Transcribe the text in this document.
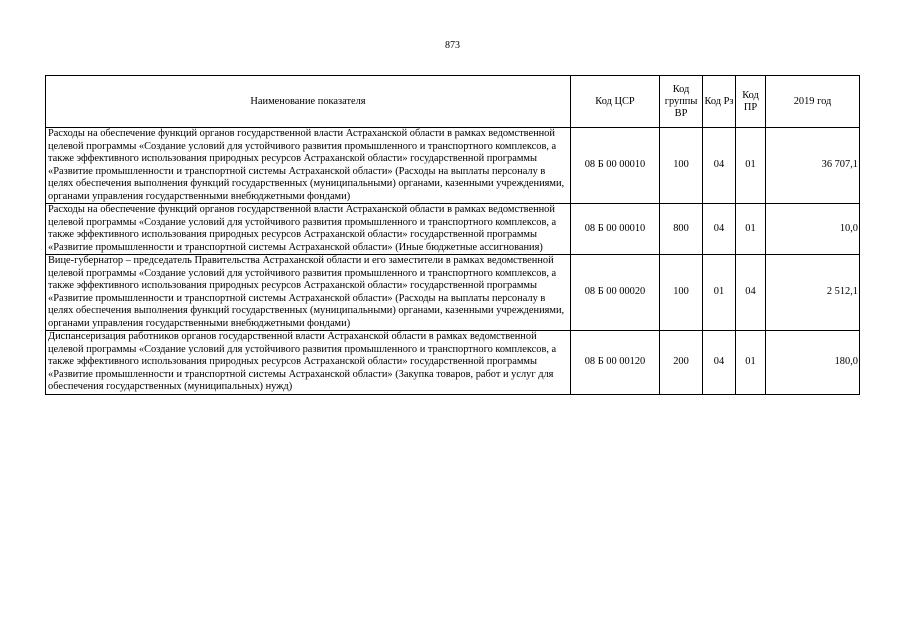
873
Наименование показателя	Код ЦСР	Код группы ВР	Код Рз	Код ПР	2019 год
Расходы на обеспечение функций органов государственной власти Астраханской области в рамках ведомственной целевой программы «Создание условий для устойчивого развития промышленного и транспортного комплексов, а также эффективного использования природных ресурсов Астраханской области» государственной программы «Развитие промышленности и транспортной системы Астраханской области» (Расходы на выплаты персоналу в целях обеспечения выполнения функций государственных (муниципальными) органами, казенными учреждениями, органами управления государственными внебюджетными фондами)	08 Б 00 00010	100	04	01	36 707,1
Расходы на обеспечение функций органов государственной власти Астраханской области в рамках ведомственной целевой программы «Создание условий для устойчивого развития промышленного и транспортного комплексов, а также эффективного использования природных ресурсов Астраханской области» государственной программы «Развитие промышленности и транспортной системы Астраханской области» (Иные бюджетные ассигнования)	08 Б 00 00010	800	04	01	10,0
Вице-губернатор – председатель Правительства Астраханской области и его заместители в рамках ведомственной целевой программы «Создание условий для устойчивого развития промышленного и транспортного комплексов, а также эффективного использования природных ресурсов Астраханской области» государственной программы «Развитие промышленности и транспортной системы Астраханской области» (Расходы на выплаты персоналу в целях обеспечения выполнения функций государственных (муниципальными) органами, казенными учреждениями, органами управления государственными внебюджетными фондами)	08 Б 00 00020	100	01	04	2 512,1
Диспансеризация работников органов государственной власти Астраханской области в рамках ведомственной целевой программы «Создание условий для устойчивого развития промышленного и транспортного комплексов, а также эффективного использования природных ресурсов Астраханской области» государственной программы «Развитие промышленности и транспортной системы Астраханской области» (Закупка товаров, работ и услуг для обеспечения государственных (муниципальных) нужд)	08 Б 00 00120	200	04	01	180,0
